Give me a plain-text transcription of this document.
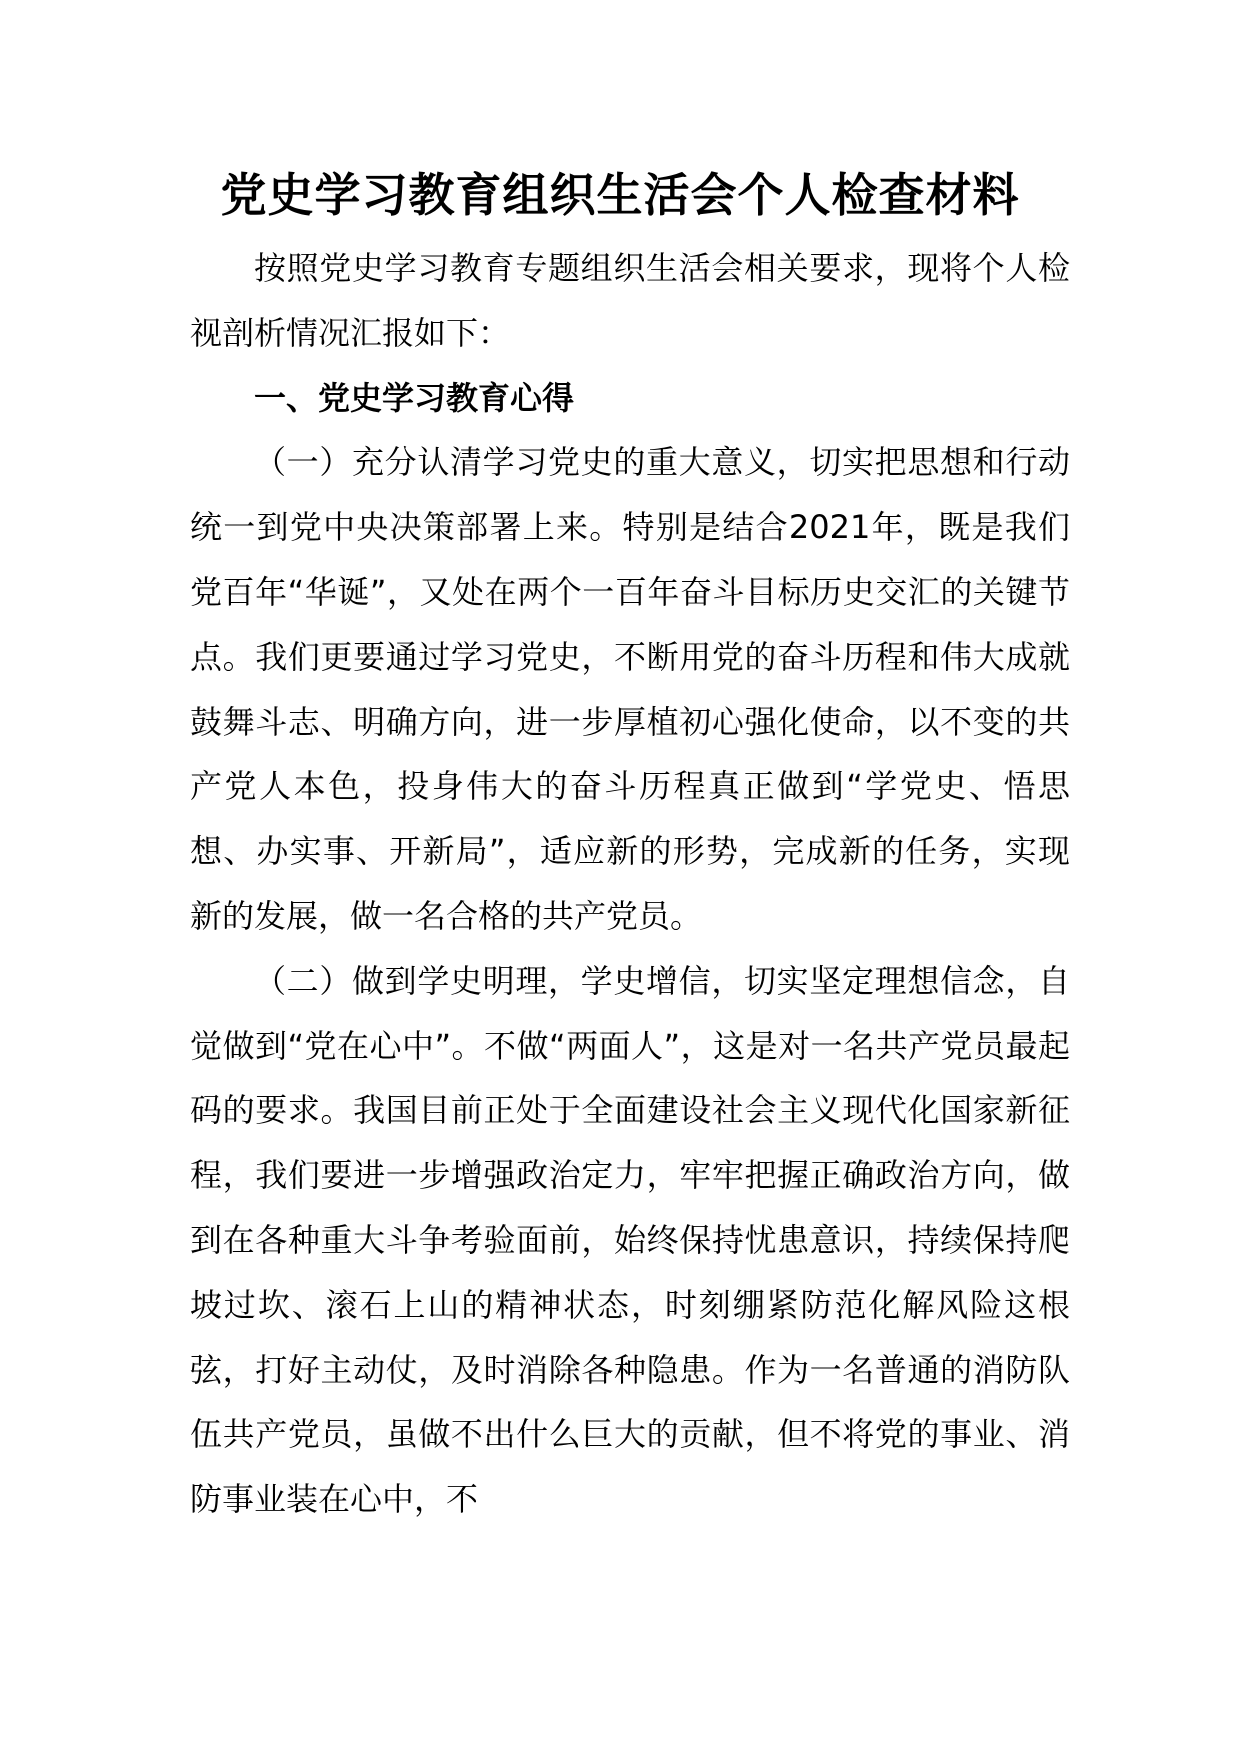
党史学习教育组织生活会个人检查材料

按照党史学习教育专题组织生活会相关要求，现将个人检视剖析情况汇报如下：

一、党史学习教育心得

（一）充分认清学习党史的重大意义，切实把思想和行动统一到党中央决策部署上来。特别是结合2021年，既是我们党百年“华诞”，又处在两个一百年奋斗目标历史交汇的关键节点。我们更要通过学习党史，不断用党的奋斗历程和伟大成就鼓舞斗志、明确方向，进一步厚植初心强化使命，以不变的共产党人本色，投身伟大的奋斗历程真正做到“学党史、悟思想、办实事、开新局”，适应新的形势，完成新的任务，实现新的发展，做一名合格的共产党员。

（二）做到学史明理，学史增信，切实坚定理想信念，自觉做到“党在心中”。不做“两面人”，这是对一名共产党员最起码的要求。我国目前正处于全面建设社会主义现代化国家新征程，我们要进一步增强政治定力，牢牢把握正确政治方向，做到在各种重大斗争考验面前，始终保持忧患意识，持续保持爬坡过坎、滚石上山的精神状态，时刻绷紧防范化解风险这根弦，打好主动仗，及时消除各种隐患。作为一名普通的消防队伍共产党员，虽做不出什么巨大的贡献，但不将党的事业、消防事业装在心中，不
